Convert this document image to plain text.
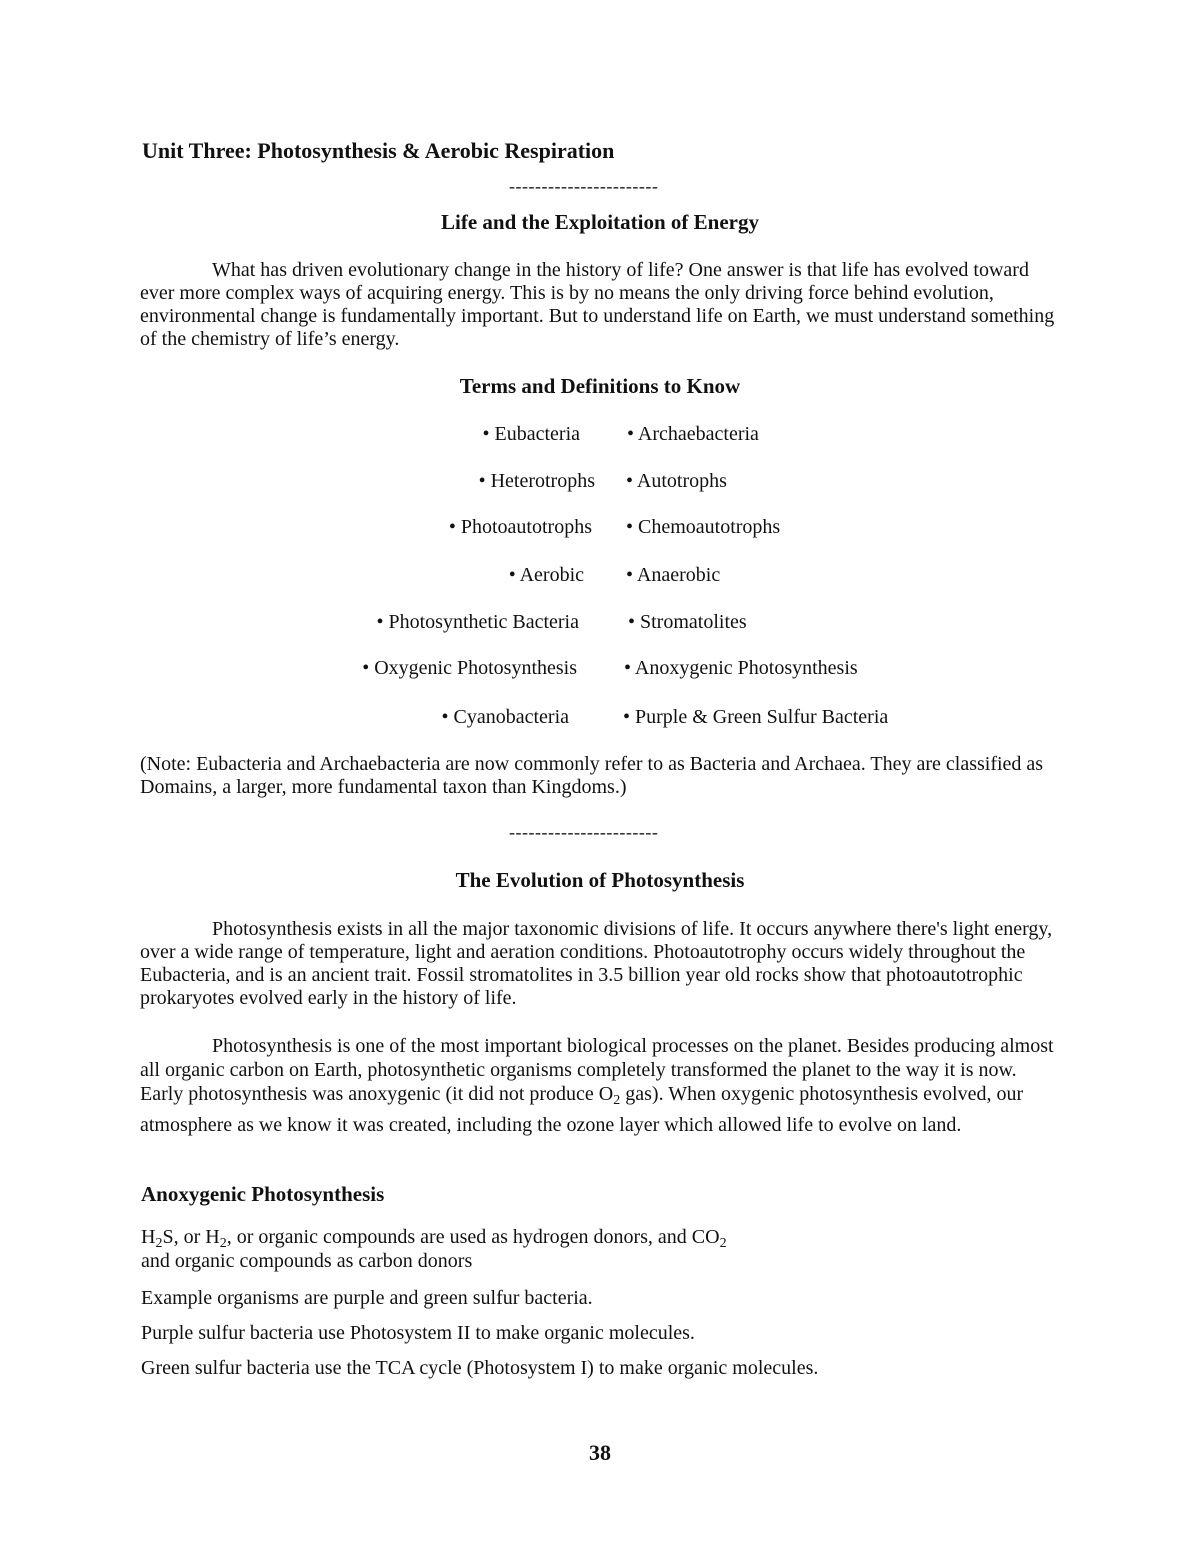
Unit Three: Photosynthesis & Aerobic Respiration
-----------------------
Life and the Exploitation of Energy
What has driven evolutionary change in the history of life? One answer is that life has evolved toward ever more complex ways of acquiring energy. This is by no means the only driving force behind evolution, environmental change is fundamentally important. But to understand life on Earth, we must understand something of the chemistry of life’s energy.
Terms and Definitions to Know
• Eubacteria • Archaebacteria
• Heterotrophs • Autotrophs
• Photoautotrophs • Chemoautotrophs
• Aerobic • Anaerobic
• Photosynthetic Bacteria • Stromatolites
• Oxygenic Photosynthesis • Anoxygenic Photosynthesis
• Cyanobacteria	• Purple & Green Sulfur Bacteria
(Note: Eubacteria and Archaebacteria are now commonly refer to as Bacteria and Archaea. They are classified as Domains, a larger, more fundamental taxon than Kingdoms.)
-----------------------
The Evolution of Photosynthesis
Photosynthesis exists in all the major taxonomic divisions of life. It occurs anywhere there's light energy, over a wide range of temperature, light and aeration conditions. Photoautotrophy occurs widely throughout the Eubacteria, and is an ancient trait. Fossil stromatolites in 3.5 billion year old rocks show that photoautotrophic prokaryotes evolved early in the history of life.
Photosynthesis is one of the most important biological processes on the planet. Besides producing almost all organic carbon on Earth, photosynthetic organisms completely transformed the planet to the way it is now. Early photosynthesis was anoxygenic (it did not produce $O_2$ gas). When oxygenic photosynthesis evolved, our atmosphere as we know it was created, including the ozone layer which allowed life to evolve on land.
Anoxygenic Photosynthesis
$H_2S$, or $H_2$, or organic compounds are used as hydrogen donors, and $CO_2$
and organic compounds as carbon donors
Example organisms are purple and green sulfur bacteria.
Purple sulfur bacteria use Photosystem II to make organic molecules.
Green sulfur bacteria use the TCA cycle (Photosystem I) to make organic molecules.
38
